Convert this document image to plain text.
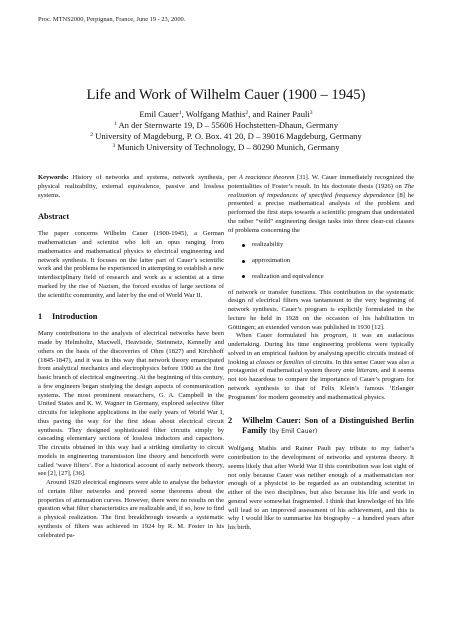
Proc. MTNS2000, Perpignan, France, June 19 - 23, 2000.
Life and Work of Wilhelm Cauer (1900 – 1945)
Emil Cauer$^1$, Wolfgang Mathis$^2$, and Rainer Pauli$^3$
$^1$ An der Sternwarte 19, D – 55606 Hochstetten-Dhaun, Germany
$^2$ University of Magdeburg, P. O. Box. 41 20, D – 39016 Magdeburg, Germany
$^3$ Munich University of Technology, D – 80290 Munich, Germany

Keywords: History of networks and systems, network synthesis, physical realizability, external equivalence, passive and lossless systems.

Abstract

The paper concerns Wilhelm Cauer (1900-1945), a German mathematician and scientist who left an opus ranging from mathematics and mathematical physics to electrical engineering and network synthesis. It focuses on the latter part of Cauer’s scientific work and the problems he experienced in attempting to establish a new interdisciplinary field of research and work as a scientist at a time marked by the rise of Nazism, the forced exodus of large sections of the scientific community, and later by the end of World War II.

1 Introduction

Many contributions to the analysis of electrical networks have been made by Helmholtz, Maxwell, Heaviside, Steinmetz, Kennelly and others on the basis of the discoveries of Ohm (1827) and Kirchhoff (1845-1847), and it was in this way that network theory emancipated from analytical mechanics and electrophysics before 1900 as the first basic branch of electrical engineering. At the beginning of this century, a few engineers began studying the design aspects of communication systems. The most prominent researchers, G. A. Campbell in the United States and K. W. Wagner in Germany, explored selective filter circuits for telephone applications in the early years of World War I, thus paving the way for the first ideas about electrical circuit synthesis. They designed sophisticated filter circuits simply by cascading elementary sections of lossless inductors and capacitors. The circuits obtained in this way had a striking similarity to circuit models in engineering transmission line theory and henceforth were called ‘wave filters’. For a historical account of early network theory, see [2], [27], [36].

Around 1920 electrical engineers were able to analyse the behavior of certain filter networks and proved some theorems about the properties of attenuation curves. However, there were no results on the question what filter characteristics are realizable and, if so, how to find a physical realization. The first breakthrough towards a systematic synthesis of filters was achieved in 1924 by R. M. Foster in his celebrated pa-

per A reactance theorem [31]. W. Cauer immediately recognized the potentialities of Foster’s result. In his doctorate thesis (1926) on The realization of impedances of specified frequency dependence [8] he presented a precise mathematical analysis of the problem and performed the first steps towards a scientific program that understated the rather “wild” engineering design tasks into three clear-cut classes of problems concerning the

realizability
approximation
realization and equivalence

of network or transfer functions. This contribution to the systematic design of electrical filters was tantamount to the very beginning of network synthesis. Cauer’s program is explicitly formulated in the lecture he held in 1928 on the occasion of his habilitation in Göttingen; an extended version was published in 1930 [12].

When Cauer formulated his program, it was an audacious undertaking. During his time engineering problems were typically solved in an empirical fashion by analysing specific circuits instead of looking at classes or families of circuits. In this sense Cauer was also a protagonist of mathematical system theory ante litteram, and it seems not too hazardous to compare the importance of Cauer’s program for network synthesis to that of Felix Klein’s famous ‘Erlanger Programm’ for modern geometry and mathematical physics.

2	Wilhelm Cauer: Son of a Distinguished Berlin Family (by Emil Cauer)

Wolfgang Mathis and Rainer Pauli pay tribute to my father’s contribution to the development of networks and systems theory. It seems likely that after World War II this contribution was lost sight of not only because Cauer was neither enough of a mathematician nor enough of a physicist to be regarded as an outstanding scientist in either of the two disciplines, but also because his life and work in general were somewhat fragmented. I think that knowledge of his life will lead to an improved assessment of his achievement, and this is why I would like to summarise his biography – a hundred years after his birth.
